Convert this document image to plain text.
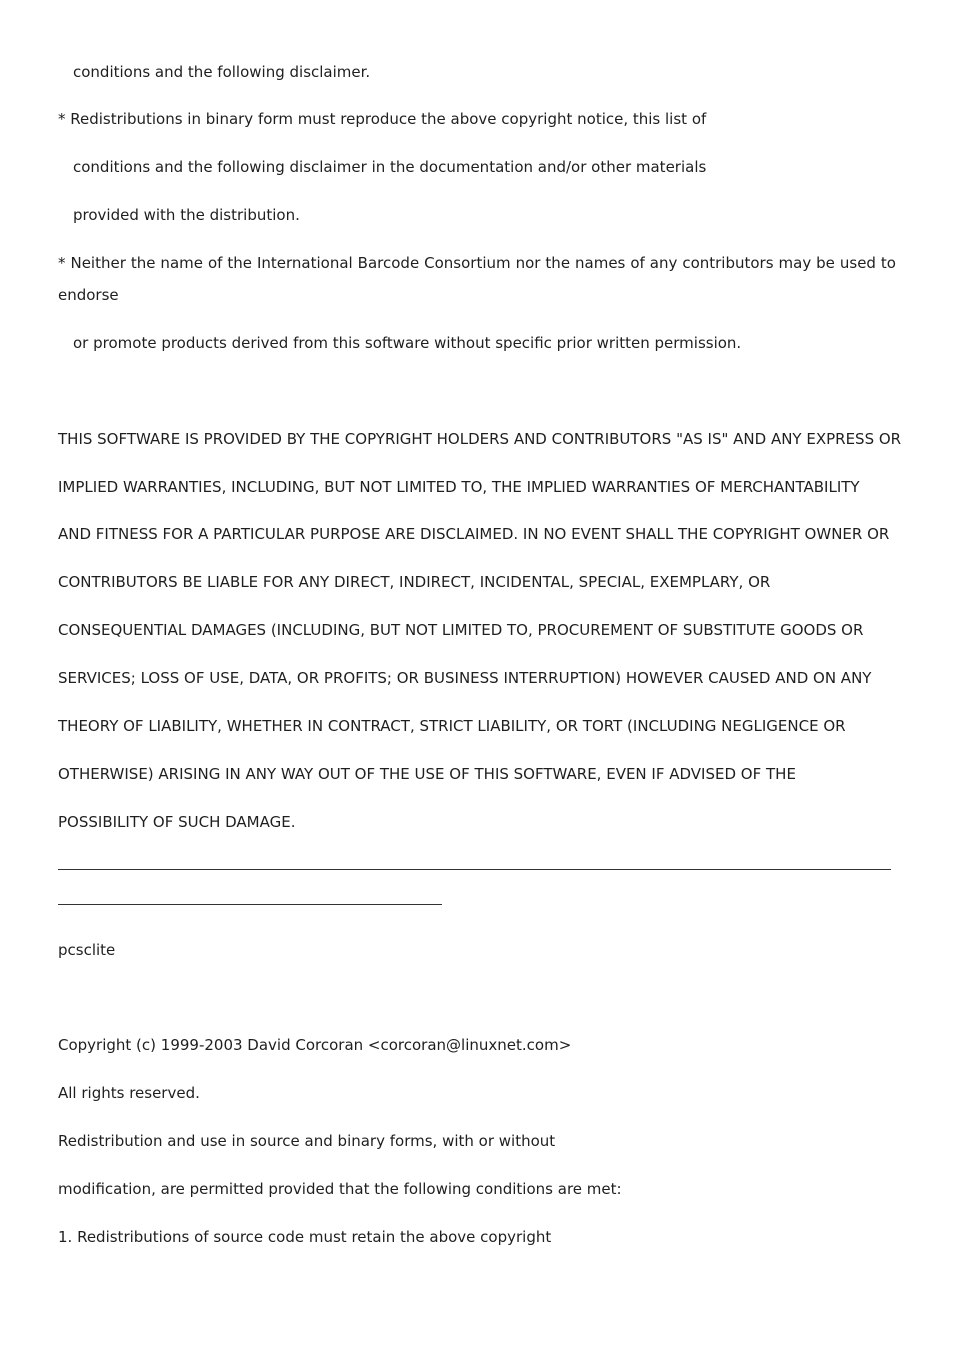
conditions and the following disclaimer.
* Redistributions in binary form must reproduce the above copyright notice, this list of
conditions and the following disclaimer in the documentation and/or other materials
provided with the distribution.
* Neither the name of the International Barcode Consortium nor the names of any contributors may be used to
endorse
or promote products derived from this software without specific prior written permission.
THIS SOFTWARE IS PROVIDED BY THE COPYRIGHT HOLDERS AND CONTRIBUTORS "AS IS" AND ANY EXPRESS OR
IMPLIED WARRANTIES, INCLUDING, BUT NOT LIMITED TO, THE IMPLIED WARRANTIES OF MERCHANTABILITY
AND FITNESS FOR A PARTICULAR PURPOSE ARE DISCLAIMED. IN NO EVENT SHALL THE COPYRIGHT OWNER OR
CONTRIBUTORS BE LIABLE FOR ANY DIRECT, INDIRECT, INCIDENTAL, SPECIAL, EXEMPLARY, OR
CONSEQUENTIAL DAMAGES (INCLUDING, BUT NOT LIMITED TO, PROCUREMENT OF SUBSTITUTE GOODS OR
SERVICES; LOSS OF USE, DATA, OR PROFITS; OR BUSINESS INTERRUPTION) HOWEVER CAUSED AND ON ANY
THEORY OF LIABILITY, WHETHER IN CONTRACT, STRICT LIABILITY, OR TORT (INCLUDING NEGLIGENCE OR
OTHERWISE) ARISING IN ANY WAY OUT OF THE USE OF THIS SOFTWARE, EVEN IF ADVISED OF THE
POSSIBILITY OF SUCH DAMAGE.
pcsclite
Copyright (c) 1999-2003 David Corcoran <corcoran@linuxnet.com>
All rights reserved.
Redistribution and use in source and binary forms, with or without
modification, are permitted provided that the following conditions are met:
1. Redistributions of source code must retain the above copyright
